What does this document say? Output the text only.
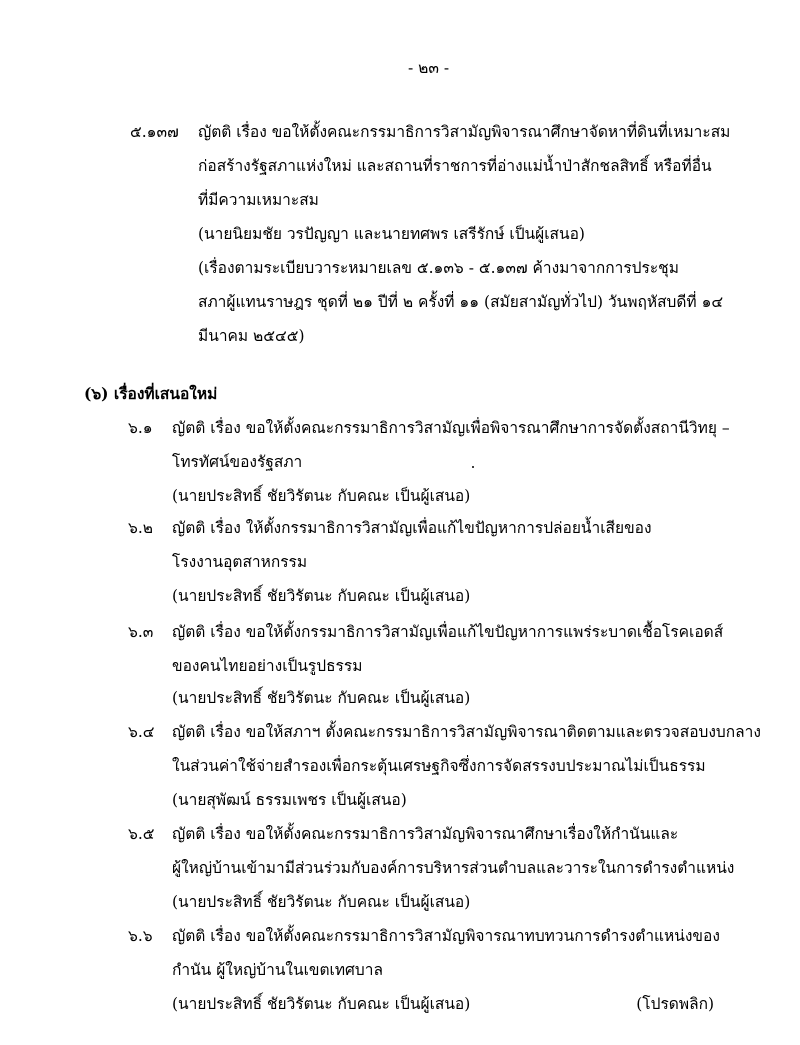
- ๒๓ -
๕.๑๓๗ ญัตติ เรื่อง ขอให้ตั้งคณะกรรมาธิการวิสามัญพิจารณาศึกษาจัดหาที่ดินที่เหมาะสม
ก่อสร้างรัฐสภาแห่งใหม่ และสถานที่ราชการที่อ่างแม่น้ำป่าสักชลสิทธิ์ หรือที่อื่น
ที่มีความเหมาะสม
(นายนิยมชัย วรปัญญา และนายทศพร เสรีรักษ์ เป็นผู้เสนอ)
(เรื่องตามระเบียบวาระหมายเลข ๕.๑๓๖ - ๕.๑๓๗ ค้างมาจากการประชุม
สภาผู้แทนราษฎร ชุดที่ ๒๑ ปีที่ ๒ ครั้งที่ ๑๑ (สมัยสามัญทั่วไป) วันพฤหัสบดีที่ ๑๔
มีนาคม ๒๕๔๕)
(๖) เรื่องที่เสนอใหม่
๖.๑ ญัตติ เรื่อง ขอให้ตั้งคณะกรรมาธิการวิสามัญเพื่อพิจารณาศึกษาการจัดตั้งสถานีวิทยุ –
โทรทัศน์ของรัฐสภา
(นายประสิทธิ์ ชัยวิรัตนะ กับคณะ เป็นผู้เสนอ)
๖.๒ ญัตติ เรื่อง ให้ตั้งกรรมาธิการวิสามัญเพื่อแก้ไขปัญหาการปล่อยน้ำเสียของ
โรงงานอุตสาหกรรม
(นายประสิทธิ์ ชัยวิรัตนะ กับคณะ เป็นผู้เสนอ)
๖.๓ ญัตติ เรื่อง ขอให้ตั้งกรรมาธิการวิสามัญเพื่อแก้ไขปัญหาการแพร่ระบาดเชื้อโรคเอดส์
ของคนไทยอย่างเป็นรูปธรรม
(นายประสิทธิ์ ชัยวิรัตนะ กับคณะ เป็นผู้เสนอ)
๖.๔ ญัตติ เรื่อง ขอให้สภาฯ ตั้งคณะกรรมาธิการวิสามัญพิจารณาติดตามและตรวจสอบงบกลาง
ในส่วนค่าใช้จ่ายสำรองเพื่อกระตุ้นเศรษฐกิจซึ่งการจัดสรรงบประมาณไม่เป็นธรรม
(นายสุพัฒน์ ธรรมเพชร เป็นผู้เสนอ)
๖.๕ ญัตติ เรื่อง ขอให้ตั้งคณะกรรมาธิการวิสามัญพิจารณาศึกษาเรื่องให้กำนันและ
ผู้ใหญ่บ้านเข้ามามีส่วนร่วมกับองค์การบริหารส่วนตำบลและวาระในการดำรงตำแหน่ง
(นายประสิทธิ์ ชัยวิรัตนะ กับคณะ เป็นผู้เสนอ)
๖.๖ ญัตติ เรื่อง ขอให้ตั้งคณะกรรมาธิการวิสามัญพิจารณาทบทวนการดำรงตำแหน่งของ
กำนัน ผู้ใหญ่บ้านในเขตเทศบาล
(นายประสิทธิ์ ชัยวิรัตนะ กับคณะ เป็นผู้เสนอ)	(โปรดพลิก)
